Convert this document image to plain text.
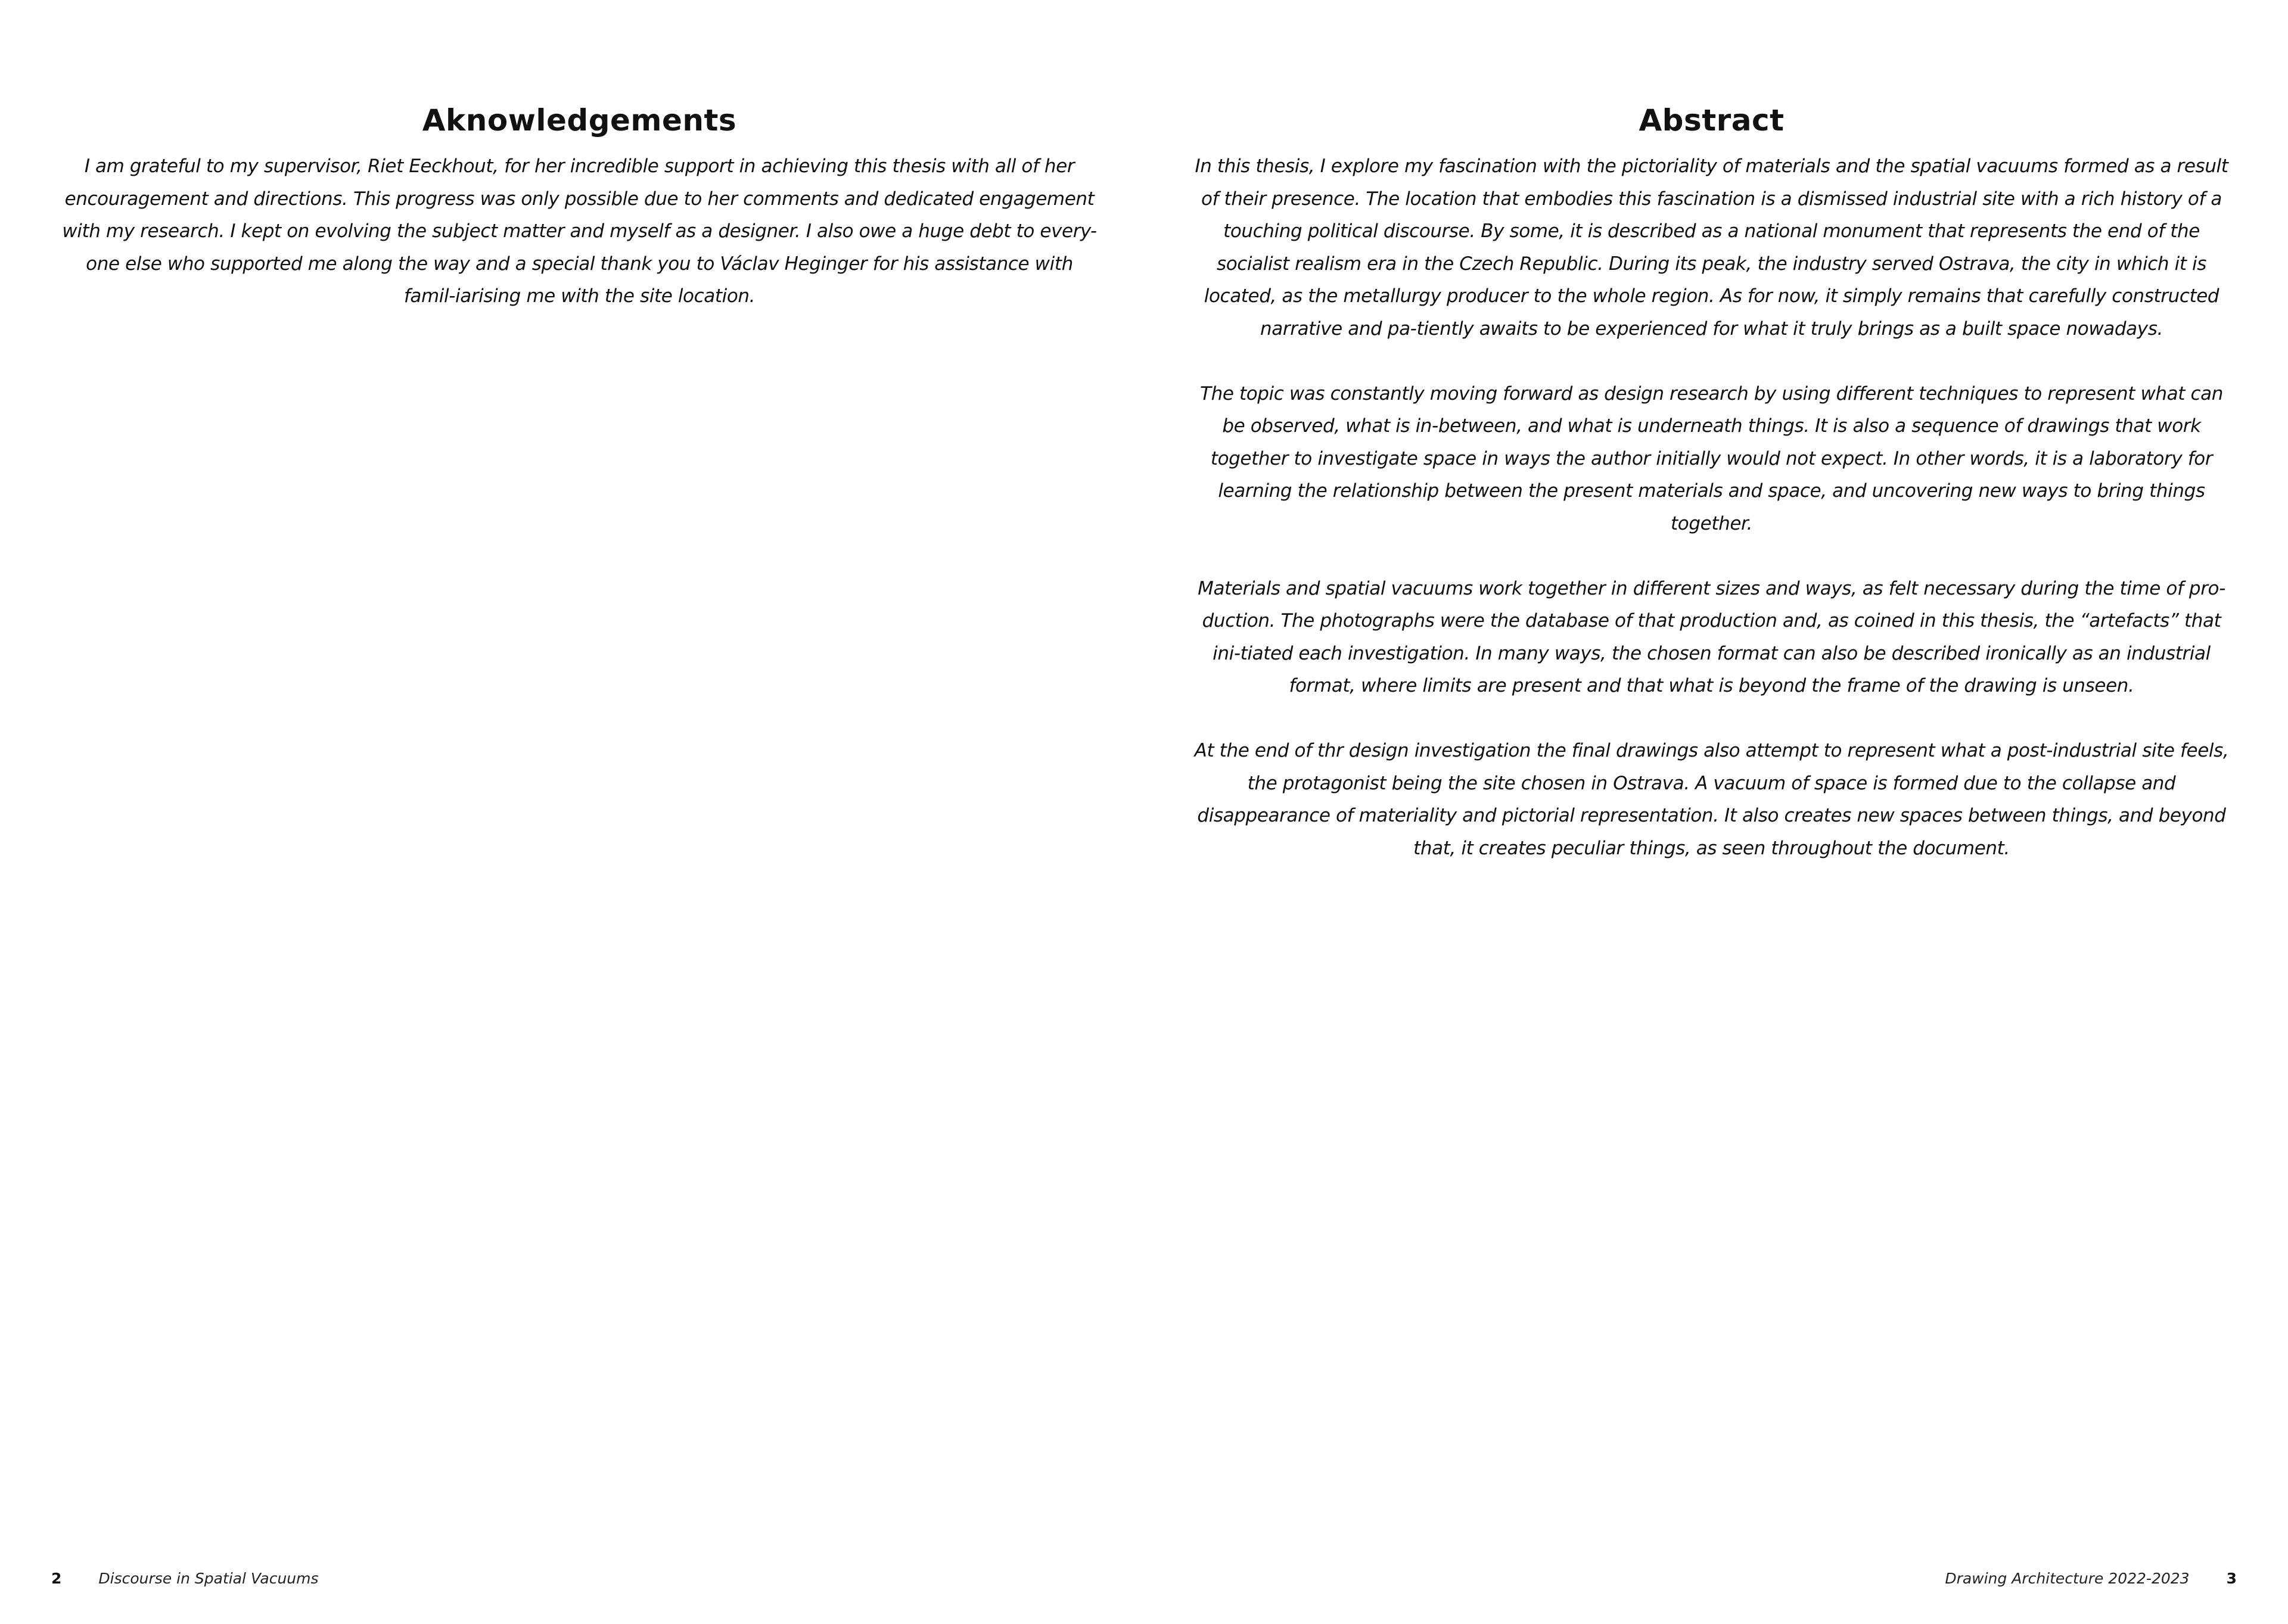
Aknowledgements

I am grateful to my supervisor, Riet Eeckhout, for her incredible support in achieving this thesis with all of her encouragement and directions. This progress was only possible due to her comments and dedicated engagement with my research. I kept on evolving the subject matter and myself as a designer. I also owe a huge debt to every-one else who supported me along the way and a special thank you to Václav Heginger for his assistance with famil-iarising me with the site location.

2 Discourse in Spatial Vacuums
Abstract

In this thesis, I explore my fascination with the pictoriality of materials and the spatial vacuums formed as a result of their presence. The location that embodies this fascination is a dismissed industrial site with a rich history of a touching political discourse. By some, it is described as a national monument that represents the end of the socialist realism era in the Czech Republic. During its peak, the industry served Ostrava, the city in which it is located, as the metallurgy producer to the whole region. As for now, it simply remains that carefully constructed narrative and pa-tiently awaits to be experienced for what it truly brings as a built space nowadays.

The topic was constantly moving forward as design research by using different techniques to represent what can be observed, what is in-between, and what is underneath things. It is also a sequence of drawings that work together to investigate space in ways the author initially would not expect. In other words, it is a laboratory for learning the relationship between the present materials and space, and uncovering new ways to bring things together.

Materials and spatial vacuums work together in different sizes and ways, as felt necessary during the time of pro-duction. The photographs were the database of that production and, as coined in this thesis, the “artefacts” that ini-tiated each investigation. In many ways, the chosen format can also be described ironically as an industrial format, where limits are present and that what is beyond the frame of the drawing is unseen.

At the end of thr design investigation the final drawings also attempt to represent what a post-industrial site feels, the protagonist being the site chosen in Ostrava. A vacuum of space is formed due to the collapse and disappearance of materiality and pictorial representation. It also creates new spaces between things, and beyond that, it creates peculiar things, as seen throughout the document.

Drawing Architecture 2022-2023 3
